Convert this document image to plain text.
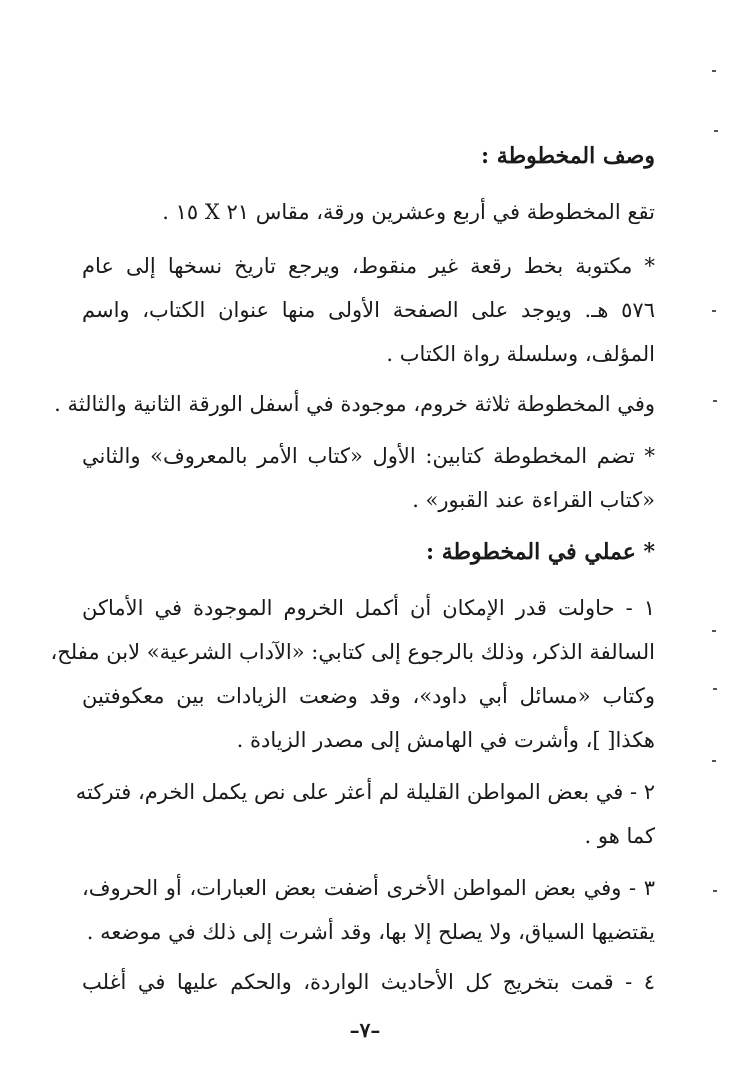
وصف المخطوطة :
تقع المخطوطة في أربع وعشرين ورقة، مقاس ٢١ X ١٥ .
* مكتوبة بخط رقعة غير منقوط، ويرجع تاريخ نسخها إلى عام
٥٧٦ هـ. ويوجد على الصفحة الأولى منها عنوان الكتاب، واسم
المؤلف، وسلسلة رواة الكتاب .
وفي المخطوطة ثلاثة خروم، موجودة في أسفل الورقة الثانية والثالثة .
* تضم المخطوطة كتابين: الأول «كتاب الأمر بالمعروف» والثاني
«كتاب القراءة عند القبور» .
* عملي في المخطوطة :
١ - حاولت قدر الإمكان أن أكمل الخروم الموجودة في الأماكن
السالفة الذكر، وذلك بالرجوع إلى كتابي: «الآداب الشرعية» لابن مفلح،
وكتاب «مسائل أبي داود»، وقد وضعت الزيادات بين معكوفتين
هكذا[ ]، وأشرت في الهامش إلى مصدر الزيادة .
٢ - في بعض المواطن القليلة لم أعثر على نص يكمل الخرم، فتركته
كما هو .
٣ - وفي بعض المواطن الأخرى أضفت بعض العبارات، أو الحروف،
يقتضيها السياق، ولا يصلح إلا بها، وقد أشرت إلى ذلك في موضعه .
٤ - قمت بتخريج كل الأحاديث الواردة، والحكم عليها في أغلب
–٧–
